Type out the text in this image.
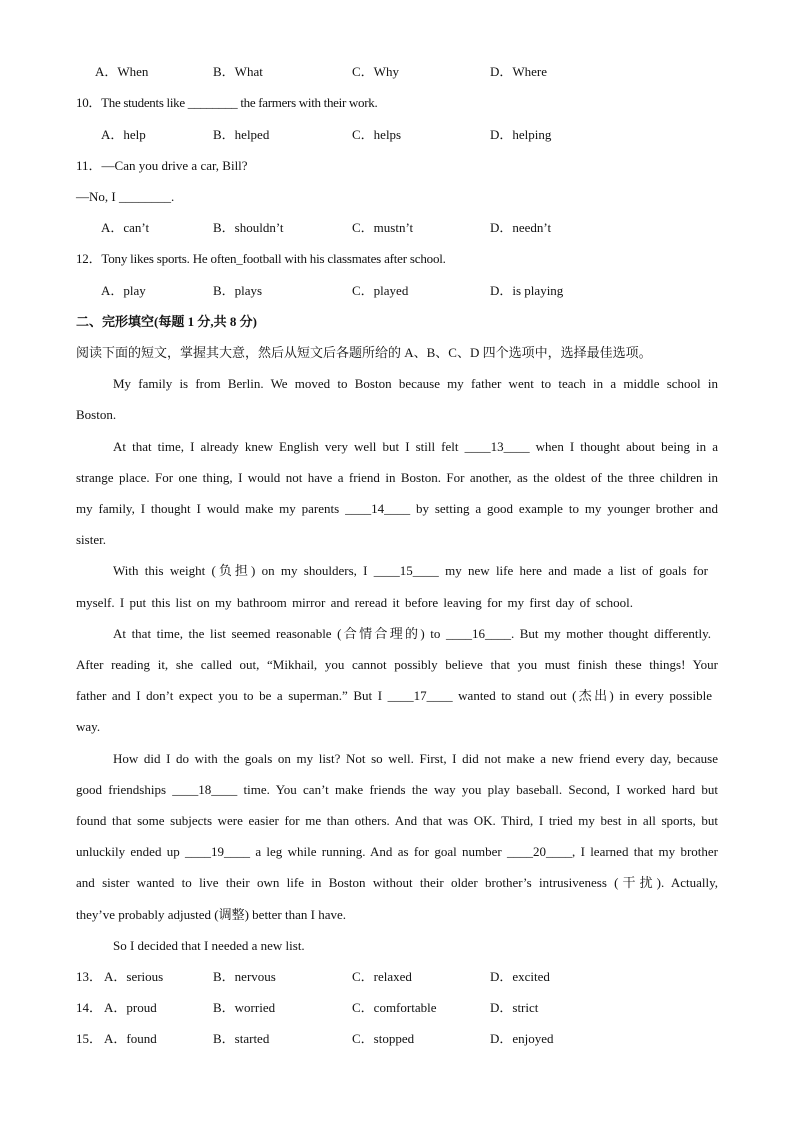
A．When	B．What	C．Why	D．Where
10．The students like ________ the farmers with their work.
A．help	B．helped	C．helps	D．helping
11．—Can you drive a car, Bill?
—No, I ________.
A．can’t	B．shouldn’t	C．mustn’t	D．needn’t
12．Tony likes sports. He often_football with his classmates after school.
A．play	B．plays	C．played	D．is playing
二、完形填空(每题 1 分,共 8 分)
阅读下面的短文，掌握其大意，然后从短文后各题所给的 A、B、C、D 四个选项中，选择最佳选项。
My family is from Berlin. We moved to Boston because my father went to teach in a middle school in
Boston.
At that time, I already knew English very well but I still felt ____13____ when I thought about being in a
strange place. For one thing, I would not have a friend in Boston. For another, as the oldest of the three children in
my family, I thought I would make my parents ____14____ by setting a good example to my younger brother and
sister.
With this weight (负担) on my shoulders, I ____15____ my new life here and made a list of goals for
myself. I put this list on my bathroom mirror and reread it before leaving for my first day of school.
At that time, the list seemed reasonable (合情合理的) to ____16____. But my mother thought differently.
After reading it, she called out, “Mikhail, you cannot possibly believe that you must finish these things! Your
father and I don’t expect you to be a superman.” But I ____17____ wanted to stand out (杰出) in every possible
way.
How did I do with the goals on my list? Not so well. First, I did not make a new friend every day, because
good friendships ____18____ time. You can’t make friends the way you play baseball. Second, I worked hard but
found that some subjects were easier for me than others. And that was OK. Third, I tried my best in all sports, but
unluckily ended up ____19____ a leg while running. And as for goal number ____20____, I learned that my brother
and sister wanted to live their own life in Boston without their older brother’s intrusiveness (干扰). Actually,
they’ve probably adjusted (调整) better than I have.
So I decided that I needed a new list.
13． A．serious	B．nervous	C．relaxed	D．excited
14． A．proud	B．worried	C．comfortable	D．strict
15． A．found	B．started	C．stopped	D．enjoyed
